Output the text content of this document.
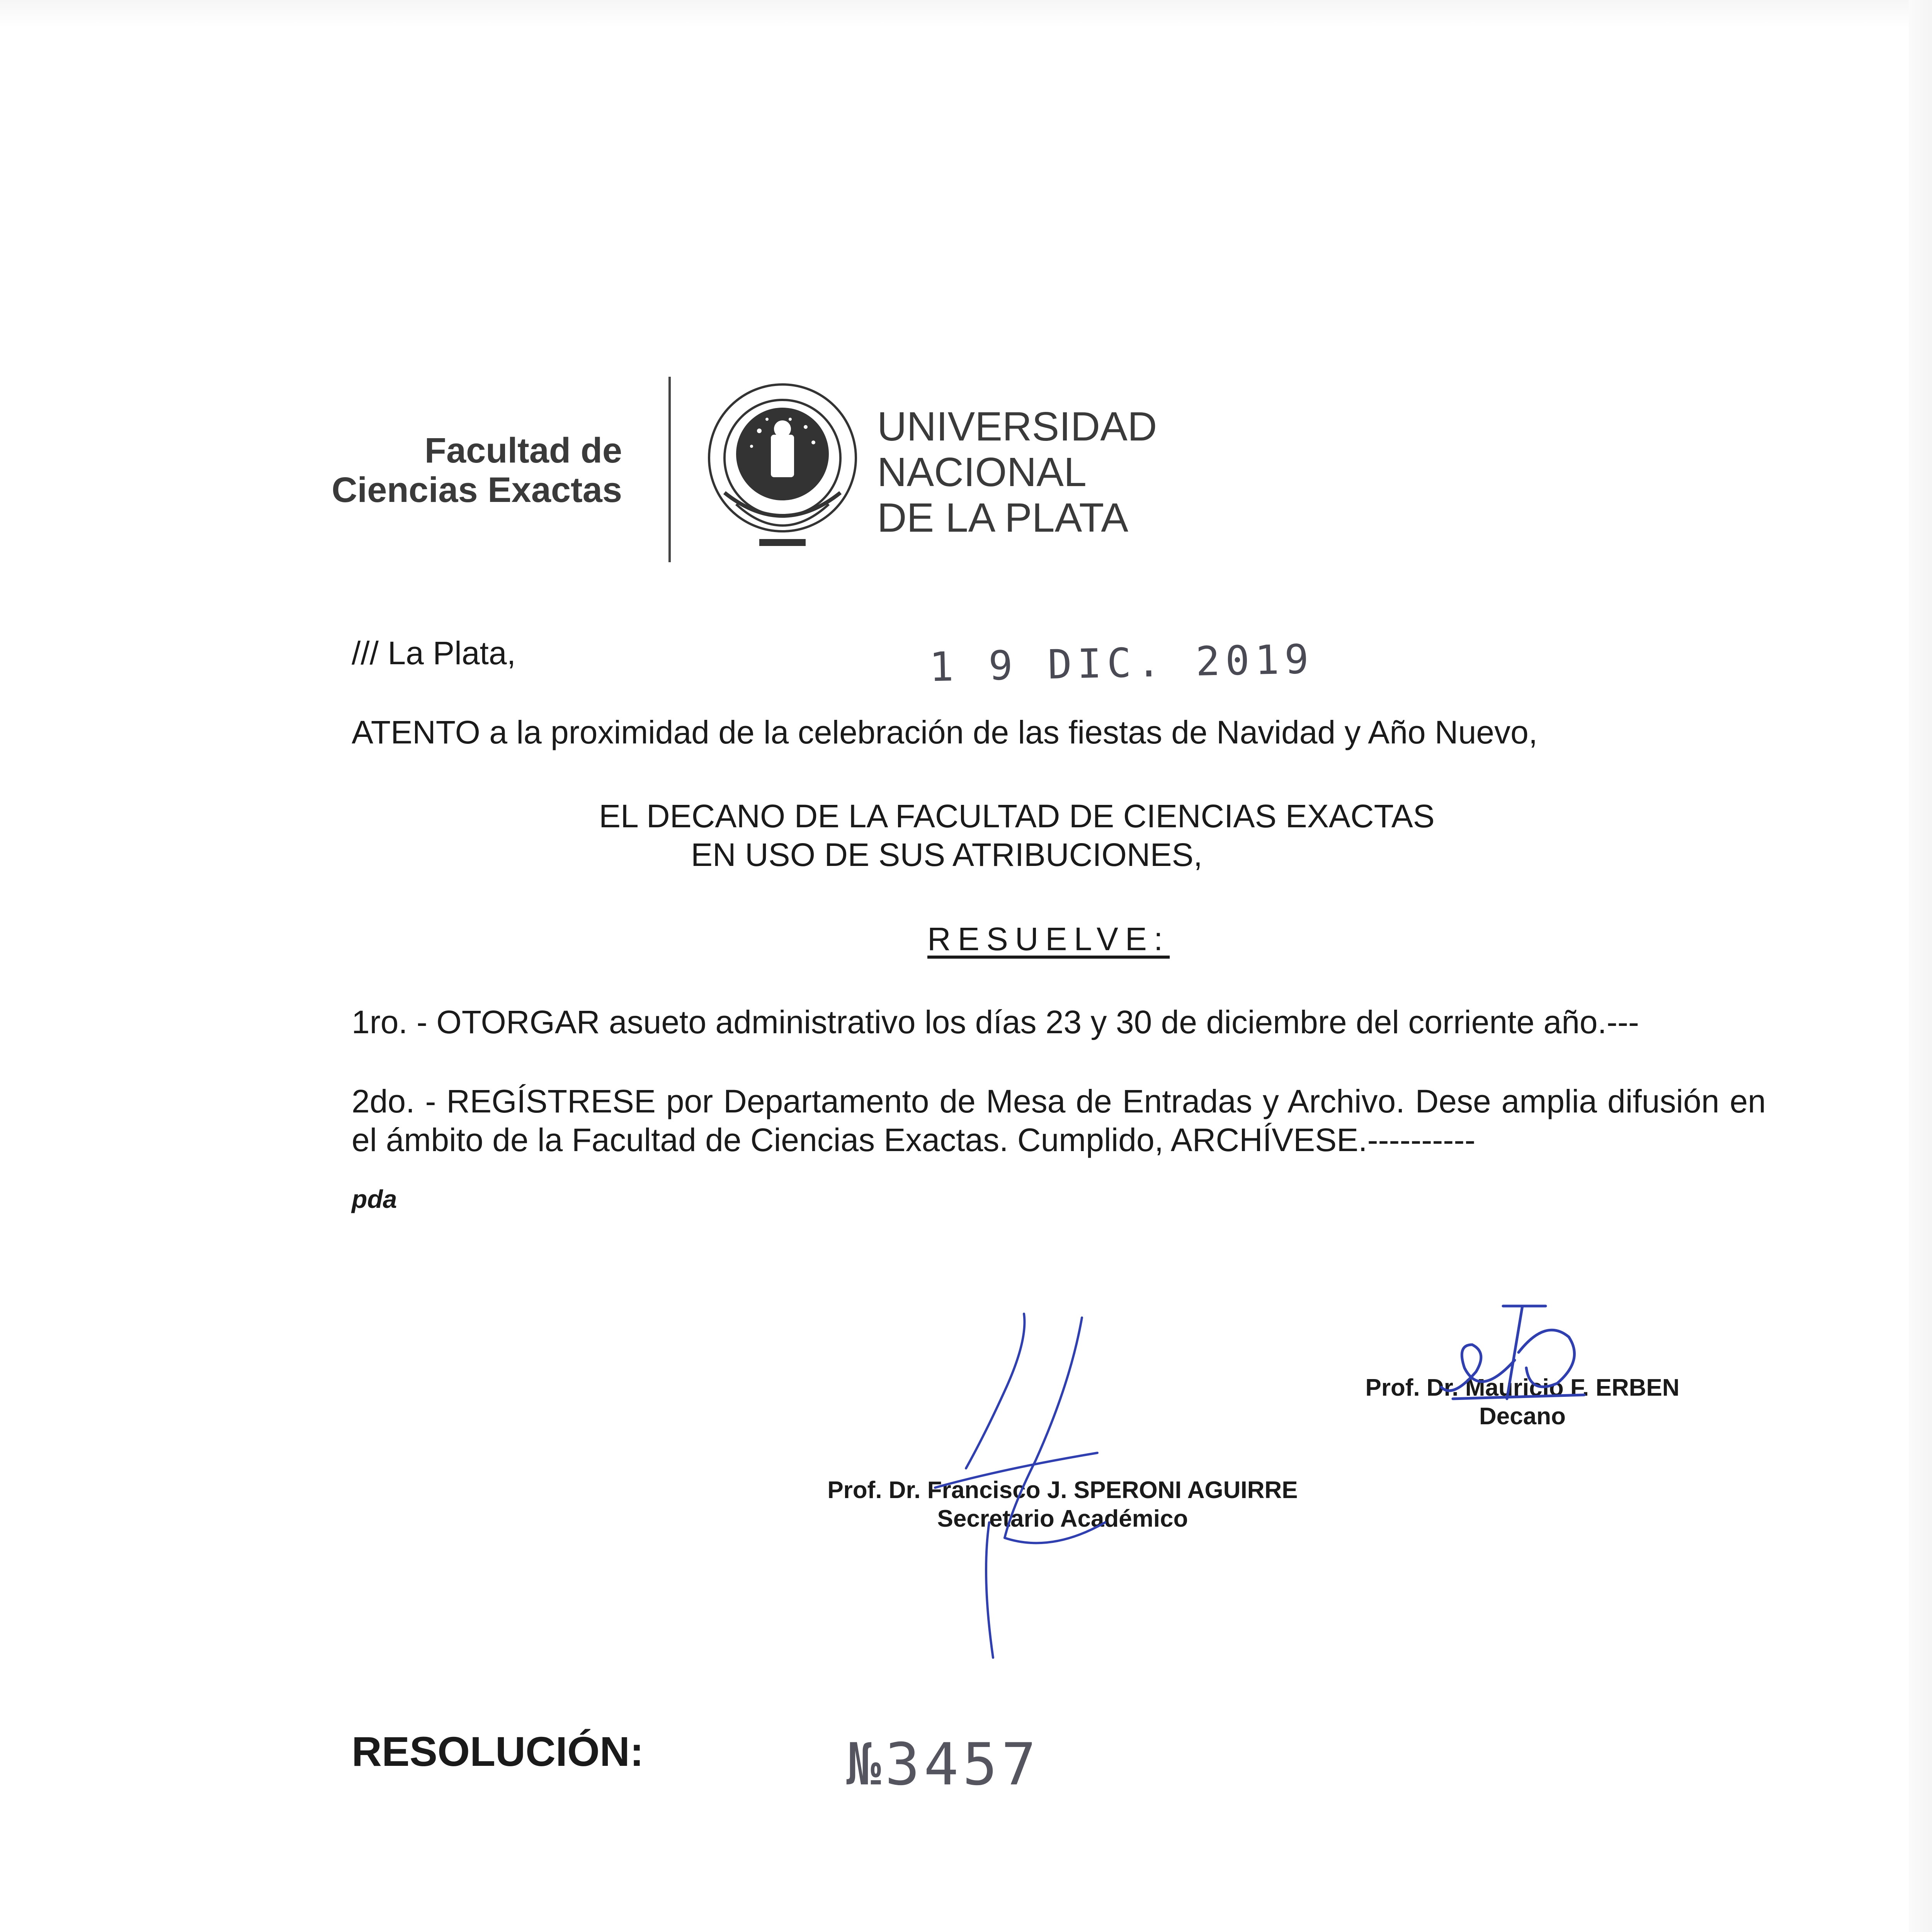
Facultad de
Ciencias Exactas
UNIVERSIDAD
NACIONAL
DE LA PLATA
/// La Plata,	1 9 DIC. 2019
ATENTO a la proximidad de la celebración de las fiestas de Navidad y Año Nuevo,
EL DECANO DE LA FACULTAD DE CIENCIAS EXACTAS
EN USO DE SUS ATRIBUCIONES,
RESUELVE:
1ro. - OTORGAR asueto administrativo los días 23 y 30 de diciembre del corriente año.---
2do. - REGÍSTRESE por Departamento de Mesa de Entradas y Archivo. Dese amplia difusión en el ámbito de la Facultad de Ciencias Exactas. Cumplido, ARCHÍVESE.----------
pda
Prof. Dr. Mauricio F. ERBEN
Decano
Prof. Dr. Francisco J. SPERONI AGUIRRE
Secretario Académico
RESOLUCIÓN:	№3457
